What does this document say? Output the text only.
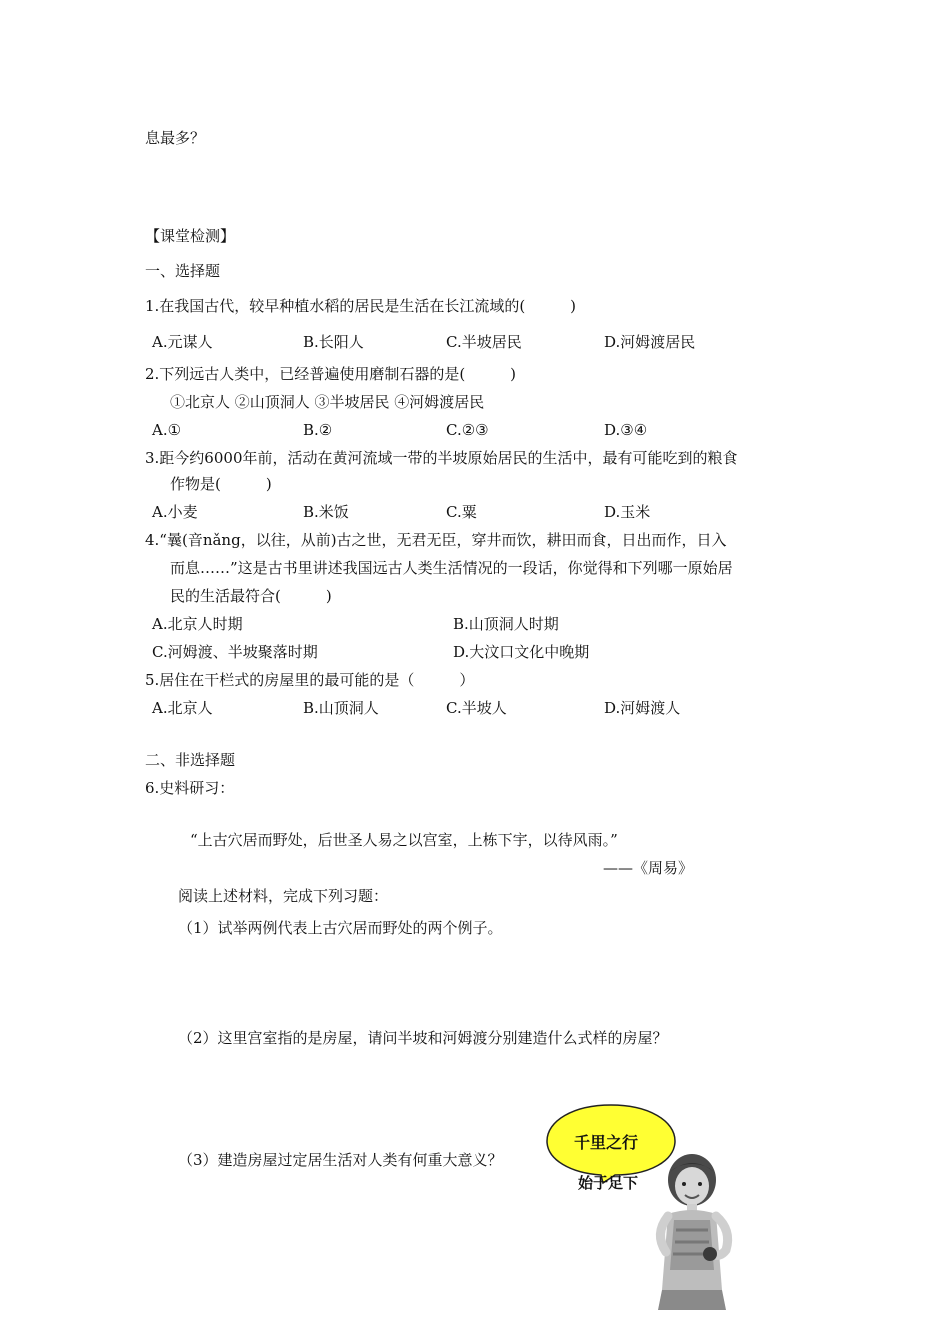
息最多？
【课堂检测】
一、选择题
1.在我国古代，较早种植水稻的居民是生活在长江流域的(　　　)
A.元谋人	B.长阳人	C.半坡居民	D.河姆渡居民
2.下列远古人类中，已经普遍使用磨制石器的是(　　　)
①北京人 ②山顶洞人 ③半坡居民 ④河姆渡居民
A.①	B.②	C.②③	D.③④
3.距今约6000年前，活动在黄河流域一带的半坡原始居民的生活中，最有可能吃到的粮食
作物是(　　　)
A.小麦	B.米饭	C.粟	D.玉米
4.“曩(音nǎng，以往，从前)古之世，无君无臣，穿井而饮，耕田而食，日出而作，日入
而息……”这是古书里讲述我国远古人类生活情况的一段话，你觉得和下列哪一原始居
民的生活最符合(　　　)
A.北京人时期	B.山顶洞人时期
C.河姆渡、半坡聚落时期	D.大汶口文化中晚期
5.居住在干栏式的房屋里的最可能的是（　　　）
A.北京人	B.山顶洞人	C.半坡人	D.河姆渡人
二、非选择题
6.史料研习：
“上古穴居而野处，后世圣人易之以宫室，上栋下宇，以待风雨。”
——《周易》
阅读上述材料，完成下列习题：
（1）试举两例代表上古穴居而野处的两个例子。
（2）这里宫室指的是房屋，请问半坡和河姆渡分别建造什么式样的房屋？
（3）建造房屋过定居生活对人类有何重大意义？
千里之行
始于足下
